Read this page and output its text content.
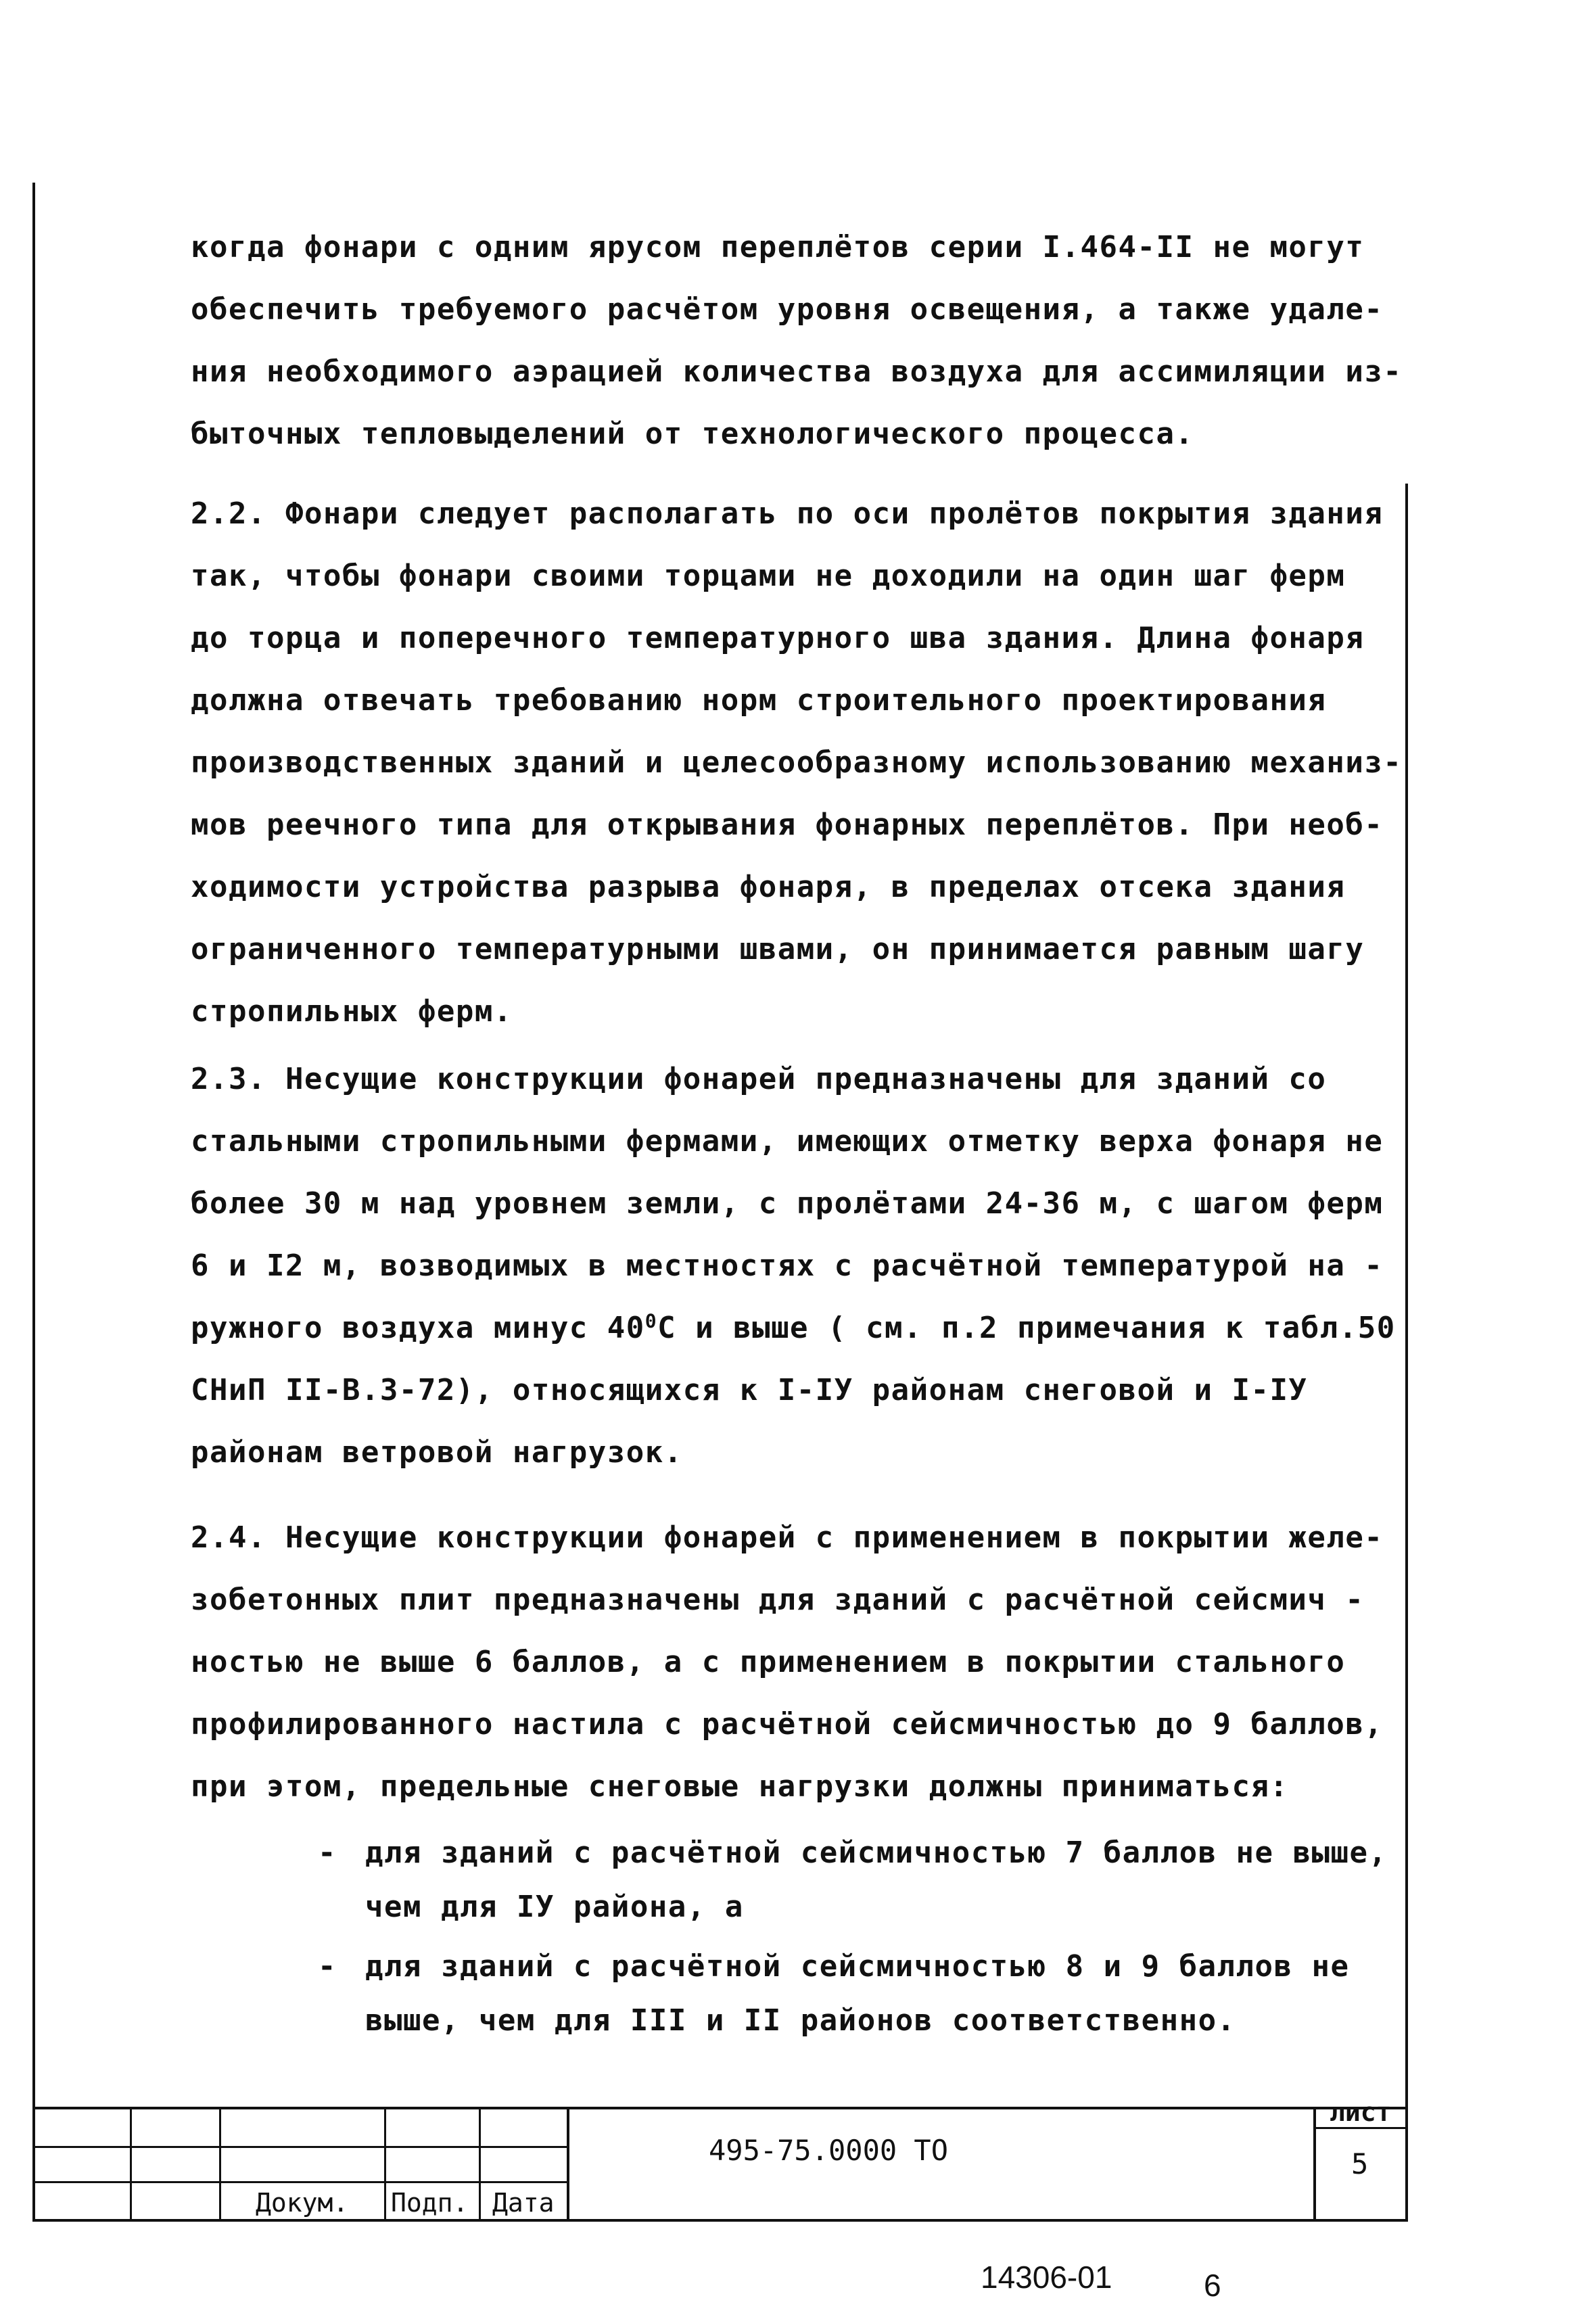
когда фонари с одним ярусом переплётов серии I.464-II не могут
обеспечить требуемого расчётом уровня освещения, а также удале-
ния необходимого аэрацией количества воздуха для ассимиляции из-
быточных тепловыделений от технологического процесса.
2.2. Фонари следует располагать по оси пролётов покрытия здания
так, чтобы фонари своими торцами не доходили на один шаг ферм
до торца и поперечного температурного шва здания. Длина фонаря
должна отвечать требованию норм строительного проектирования
производственных зданий и целесообразному использованию механиз-
мов реечного типа для открывания фонарных переплётов. При необ-
ходимости устройства разрыва фонаря, в пределах отсека здания
ограниченного температурными швами, он принимается равным шагу
стропильных ферм.
2.3. Несущие конструкции фонарей предназначены для зданий со
стальными стропильными фермами, имеющих отметку верха фонаря не
более 30 м над уровнем земли, с пролётами 24-36 м, с шагом ферм
6 и I2 м, возводимых в местностях с расчётной температурой на -
ружного воздуха минус $40^0С$ и выше ( см. п.2 примечания к табл.50
СНиП II-В.3-72), относящихся к I-IУ районам снеговой и I-IУ
районам ветровой нагрузок.
2.4. Несущие конструкции фонарей с применением в покрытии желе-
зобетонных плит предназначены для зданий с расчётной сейсмич -
ностью не выше 6 баллов, а с применением в покрытии стального
профилированного настила с расчётной сейсмичностью до 9 баллов,
при этом, предельные снеговые нагрузки должны приниматься:
- для зданий с расчётной сейсмичностью 7 баллов не выше,
чем для IУ района, а
- для зданий с расчётной сейсмичностью 8 и 9 баллов не
выше, чем для III и II районов соответственно.
495-75.0000 ТО
лист
5
Докум. Подп. Дата
14306-01	6
